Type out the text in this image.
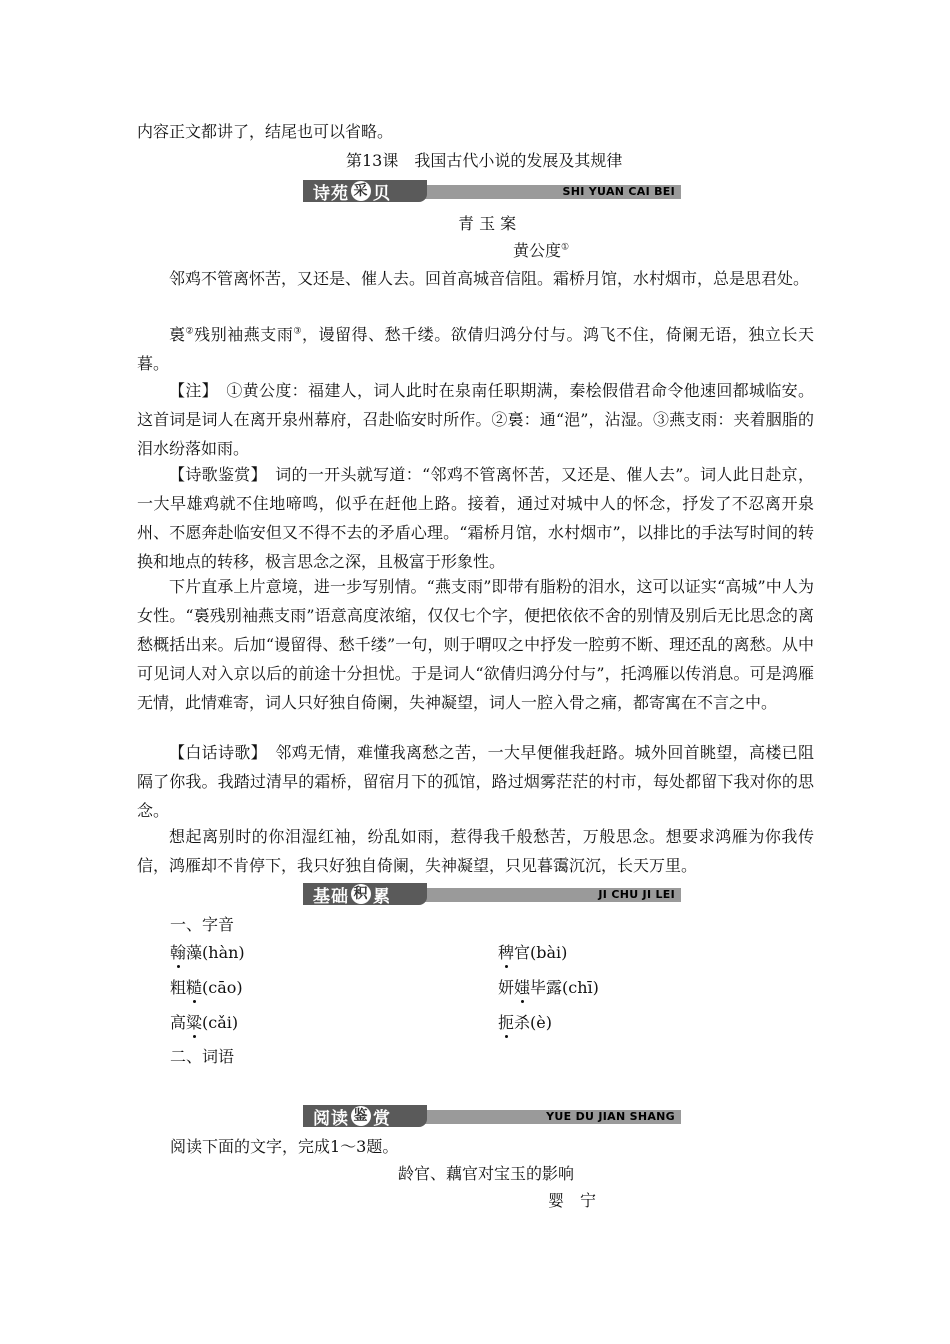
内容正文都讲了，结尾也可以省略。
第13课　我国古代小说的发展及其规律
SHI YUAN CAI BEI
诗 苑 采 贝
青 玉 案
黄公度①

邻鸡不管离怀苦，又还是、催人去。回首高城音信阻。霜桥月馆，水村烟市，总是思君处。

裛②残别袖燕支雨③，谩留得、愁千缕。欲倩归鸿分付与。鸿飞不住，倚阑无语，独立长天暮。

【注】　①黄公度：福建人，词人此时在泉南任职期满，秦桧假借君命令他速回都城临安。这首词是词人在离开泉州幕府，召赴临安时所作。②裛：通“浥”，沾湿。③燕支雨：夹着胭脂的泪水纷落如雨。

【诗歌鉴赏】　词的一开头就写道：“邻鸡不管离怀苦，又还是、催人去”。词人此日赴京，一大早雄鸡就不住地啼鸣，似乎在赶他上路。接着，通过对城中人的怀念，抒发了不忍离开泉州、不愿奔赴临安但又不得不去的矛盾心理。“霜桥月馆，水村烟市”，以排比的手法写时间的转换和地点的转移，极言思念之深，且极富于形象性。

下片直承上片意境，进一步写别情。“燕支雨”即带有脂粉的泪水，这可以证实“高城”中人为女性。“裛残别袖燕支雨”语意高度浓缩，仅仅七个字，便把依依不舍的别情及别后无比思念的离愁概括出来。后加“谩留得、愁千缕”一句，则于喟叹之中抒发一腔剪不断、理还乱的离愁。从中可见词人对入京以后的前途十分担忧。于是词人“欲倩归鸿分付与”，托鸿雁以传消息。可是鸿雁无情，此情难寄，词人只好独自倚阑，失神凝望，词人一腔入骨之痛，都寄寓在不言之中。

【白话诗歌】　邻鸡无情，难懂我离愁之苦，一大早便催我赶路。城外回首眺望，高楼已阻隔了你我。我踏过清早的霜桥，留宿月下的孤馆，路过烟雾茫茫的村市，每处都留下我对你的思念。

想起离别时的你泪湿红袖，纷乱如雨，惹得我千般愁苦，万般思念。想要求鸿雁为你我传信，鸿雁却不肯停下，我只好独自倚阑，失神凝望，只见暮霭沉沉，长天万里。

JI CHU JI LEI
基 础 积 累
一、字音
翰藻(hàn)	稗官(bài)
粗糙(cāo)	妍媸毕露(chī)
高粱(cǎi)	扼杀(è)
二、词语
YUE DU JIAN SHANG
阅 读 鉴 赏
阅读下面的文字，完成1～3题。
龄官、藕官对宝玉的影响
婴　宁
